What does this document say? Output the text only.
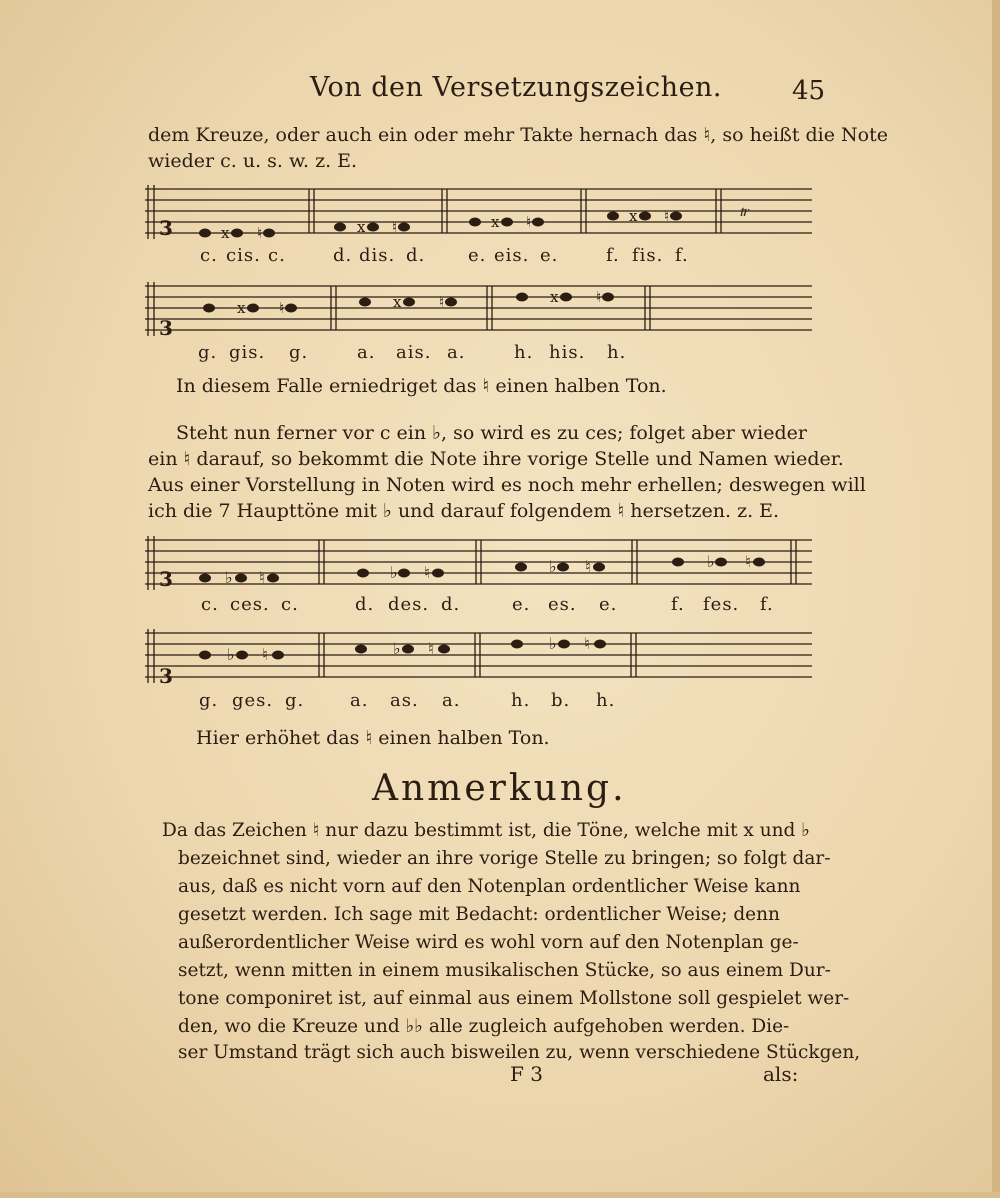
Von den Versetzungszeichen.	45
dem Kreuze, oder auch ein oder mehr Takte hernach das ♮, so heißt die Note
wieder c. u. s. w. z. E.
3	x ♮	x ♮	x ♮	x ♮	𝆖
c. cis. c.	d. dis. d. e. eis. e.	f. fis. f.
3
x ♮	x	♮	x	♮
g. gis. g.	a. ais. a.	h. his. h.
In diesem Falle erniedriget das ♮ einen halben Ton.
Steht nun ferner vor c ein ♭, so wird es zu ces; folget aber wieder
ein ♮ darauf, so bekommt die Note ihre vorige Stelle und Namen wieder.
Aus einer Vorstellung in Noten wird es noch mehr erhellen; deswegen will
ich die 7 Haupttöne mit ♭ und darauf folgendem ♮ hersetzen. z. E.
3	♭ ♮	♭ ♮	♭ ♮	♭ ♮
c. ces. c.	d. des. d.	e. es. e.	f. fes. f.
3
♭ ♮	♭ ♮	♭ ♮
g. ges. g.	a. as. a.	h. b. h.
Hier erhöhet das ♮ einen halben Ton.
Anmerkung.
Da das Zeichen ♮ nur dazu bestimmt ist, die Töne, welche mit x und ♭
bezeichnet sind, wieder an ihre vorige Stelle zu bringen; so folgt dar-
aus, daß es nicht vorn auf den Notenplan ordentlicher Weise kann
gesetzt werden. Ich sage mit Bedacht: ordentlicher Weise; denn
außerordentlicher Weise wird es wohl vorn auf den Notenplan ge-
setzt, wenn mitten in einem musikalischen Stücke, so aus einem Dur-
tone componiret ist, auf einmal aus einem Mollstone soll gespielet wer-
den, wo die Kreuze und ♭♭ alle zugleich aufgehoben werden. Die-
ser Umstand trägt sich auch bisweilen zu, wenn verschiedene Stückgen,
F 3	als:
